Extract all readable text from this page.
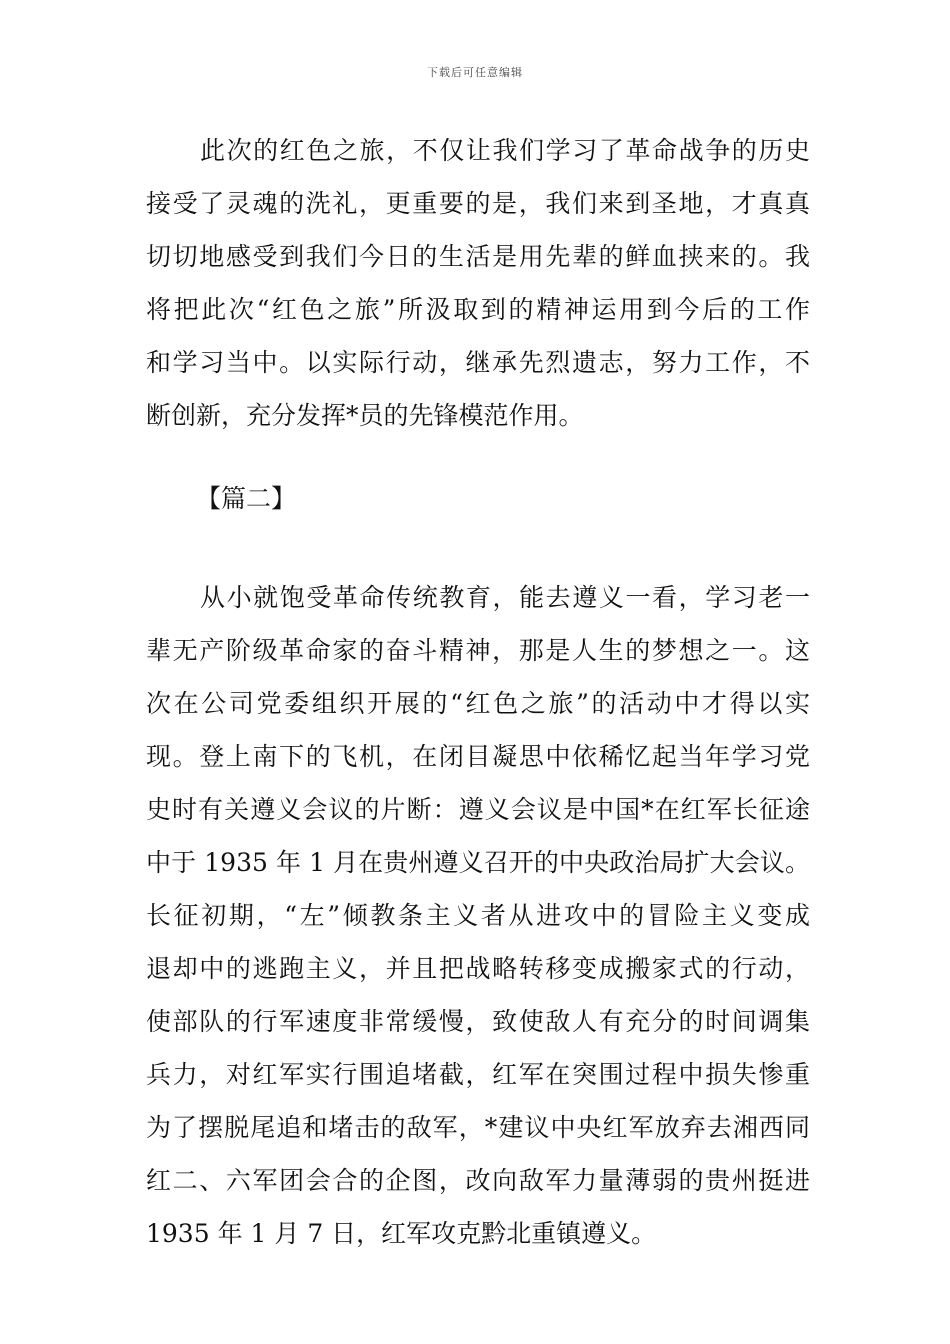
下载后可任意编辑
此次的红色之旅，不仅让我们学习了革命战争的历史
接受了灵魂的洗礼，更重要的是，我们来到圣地，才真真
切切地感受到我们今日的生活是用先辈的鲜血挟来的。我
将把此次“红色之旅”所汲取到的精神运用到今后的工作
和学习当中。以实际行动，继承先烈遗志，努力工作，不
断创新，充分发挥*员的先锋模范作用。
【篇二】
从小就饱受革命传统教育，能去遵义一看，学习老一
辈无产阶级革命家的奋斗精神，那是人生的梦想之一。这
次在公司党委组织开展的“红色之旅”的活动中才得以实
现。登上南下的飞机，在闭目凝思中依稀忆起当年学习党
史时有关遵义会议的片断：遵义会议是中国*在红军长征途
中于 1935 年 1 月在贵州遵义召开的中央政治局扩大会议。
长征初期，“左”倾教条主义者从进攻中的冒险主义变成
退却中的逃跑主义，并且把战略转移变成搬家式的行动，
使部队的行军速度非常缓慢，致使敌人有充分的时间调集
兵力，对红军实行围追堵截，红军在突围过程中损失惨重
为了摆脱尾追和堵击的敌军，*建议中央红军放弃去湘西同
红二、六军团会合的企图，改向敌军力量薄弱的贵州挺进
1935 年 1 月 7 日，红军攻克黔北重镇遵义。
